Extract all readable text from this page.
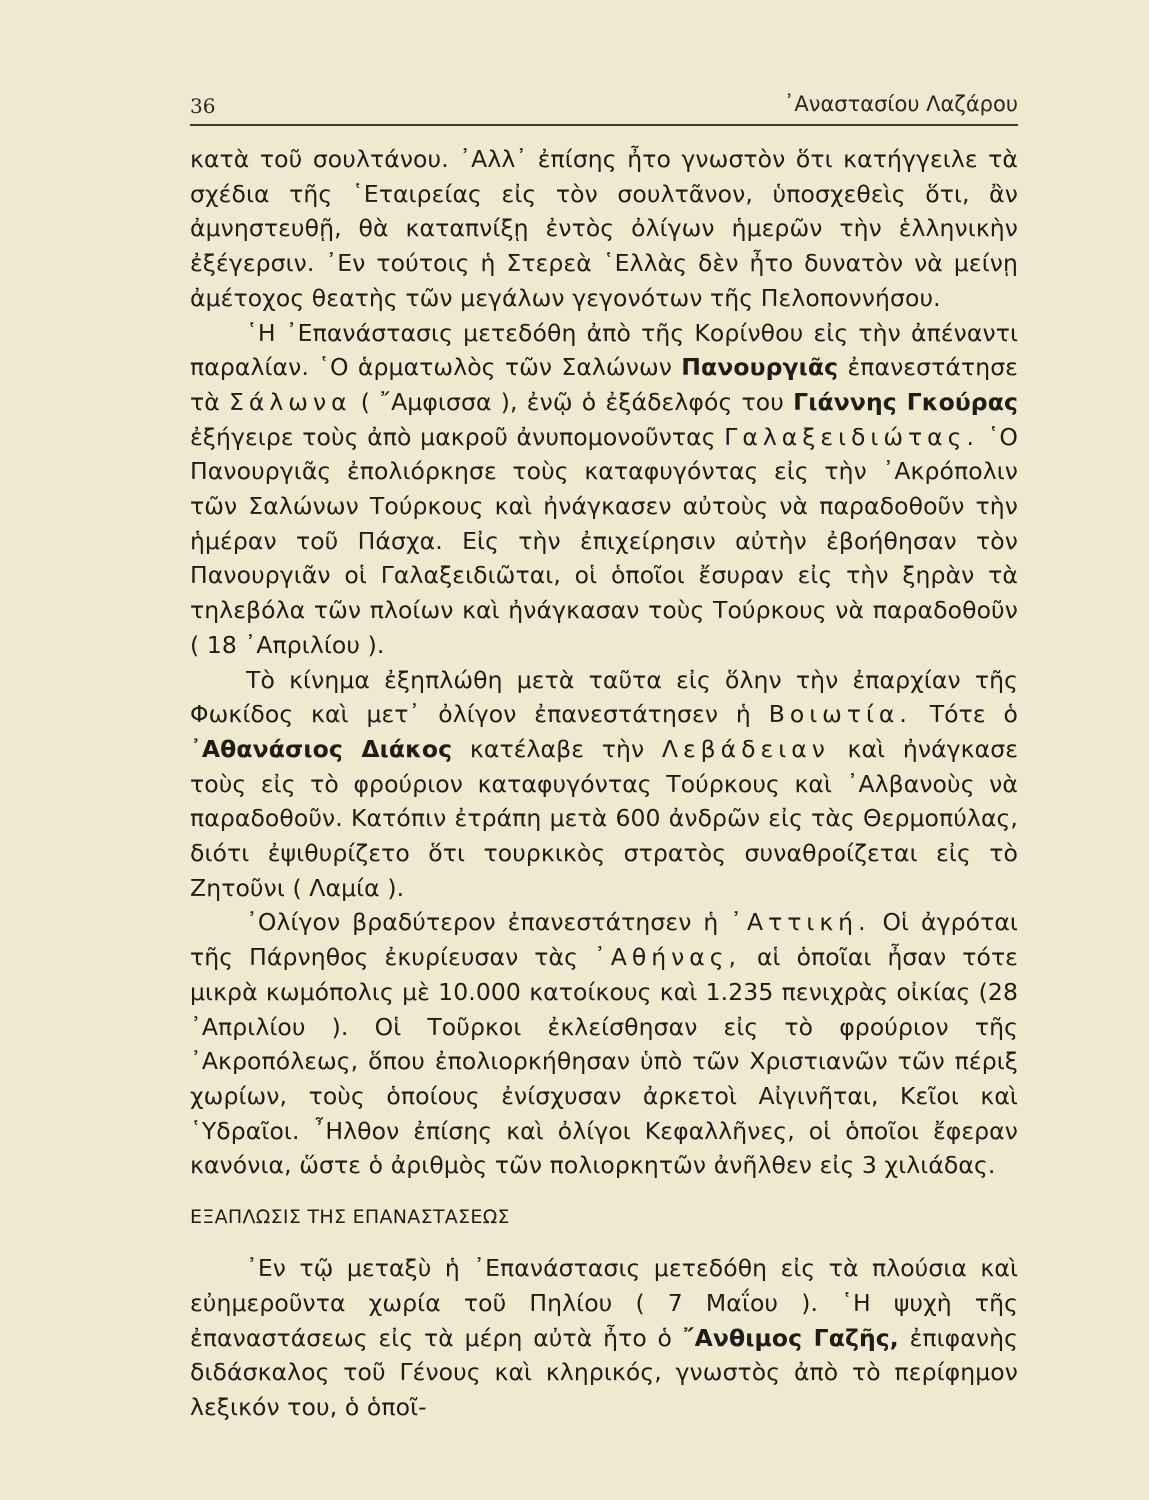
36	᾿Αναστασίου Λαζάρου

κατὰ τοῦ σουλτάνου. ᾿Αλλ᾿ ἐπίσης ἦτο γνωστὸν ὅτι κατήγγειλε τὰ σχέδια τῆς ῾Εταιρείας εἰς τὸν σουλτᾶνον, ὑποσχεθεὶς ὅτι, ἂν ἀμνηστευθῇ, θὰ καταπνίξῃ ἐντὸς ὀλίγων ἡμερῶν τὴν ἑλληνικὴν ἐξέγερσιν. ᾿Εν τούτοις ἡ Στερεὰ ῾Ελλὰς δὲν ἦτο δυνατὸν νὰ μείνῃ ἀμέτοχος θεατὴς τῶν μεγάλων γεγονότων τῆς Πελοποννήσου.

῾Η ᾿Επανάστασις μετεδόθη ἀπὸ τῆς Κορίνθου εἰς τὴν ἀπέναντι παραλίαν. ῾Ο ἁρματωλὸς τῶν Σαλώνων Πανουργιᾶς ἐπανεστάτησε τὰ Σάλωνα ( ῎Αμφισσα ), ἐνῷ ὁ ἐξάδελφός του Γιάννης Γκούρας ἐξήγειρε τοὺς ἀπὸ μακροῦ ἀνυπομονοῦντας Γαλαξειδιώτας. ῾Ο Πανουργιᾶς ἐπολιόρκησε τοὺς καταφυγόντας εἰς τὴν ᾿Ακρόπολιν τῶν Σαλώνων Τούρκους καὶ ἠνάγκασεν αὐτοὺς νὰ παραδοθοῦν τὴν ἡμέραν τοῦ Πάσχα. Εἰς τὴν ἐπιχείρησιν αὐτὴν ἐβοήθησαν τὸν Πανουργιᾶν οἱ Γαλαξειδιῶται, οἱ ὁποῖοι ἔσυραν εἰς τὴν ξηρὰν τὰ τηλεβόλα τῶν πλοίων καὶ ἠνάγκασαν τοὺς Τούρκους νὰ παραδοθοῦν ( 18 ᾿Απριλίου ).

Τὸ κίνημα ἐξηπλώθη μετὰ ταῦτα εἰς ὅλην τὴν ἐπαρχίαν τῆς Φωκίδος καὶ μετ᾿ ὀλίγον ἐπανεστάτησεν ἡ Βοιωτία. Τότε ὁ ᾿Αθανάσιος Διάκος κατέλαβε τὴν Λεβάδειαν καὶ ἠνάγκασε τοὺς εἰς τὸ φρούριον καταφυγόντας Τούρκους καὶ ᾿Αλβανοὺς νὰ παραδοθοῦν. Κατόπιν ἐτράπη μετὰ 600 ἀνδρῶν εἰς τὰς Θερμοπύλας, διότι ἐψιθυρίζετο ὅτι τουρκικὸς στρατὸς συναθροίζεται εἰς τὸ Ζητοῦνι ( Λαμία ).

᾿Ολίγον βραδύτερον ἐπανεστάτησεν ἡ ᾿Αττική. Οἱ ἀγρόται τῆς Πάρνηθος ἐκυρίευσαν τὰς ᾿Αθήνας, αἱ ὁποῖαι ἦσαν τότε μικρὰ κωμόπολις μὲ 10.000 κατοίκους καὶ 1.235 πενιχρὰς οἰκίας (28 ᾿Απριλίου ). Οἱ Τοῦρκοι ἐκλείσθησαν εἰς τὸ φρούριον τῆς ᾿Ακροπόλεως, ὅπου ἐπολιορκήθησαν ὑπὸ τῶν Χριστιανῶν τῶν πέριξ χωρίων, τοὺς ὁποίους ἐνίσχυσαν ἀρκετοὶ Αἰγινῆται, Κεῖοι καὶ ῾Υδραῖοι. ῏Ηλθον ἐπίσης καὶ ὀλίγοι Κεφαλλῆνες, οἱ ὁποῖοι ἔφεραν κανόνια, ὥστε ὁ ἀριθμὸς τῶν πολιορκητῶν ἀνῆλθεν εἰς 3 χιλιάδας.

ΕΞΑΠΛΩΣΙΣ ΤΗΣ ΕΠΑΝΑΣΤΑΣΕΩΣ

᾿Εν τῷ μεταξὺ ἡ ᾿Επανάστασις μετεδόθη εἰς τὰ πλούσια καὶ εὐημεροῦντα χωρία τοῦ Πηλίου ( 7 Μαΐου ). ῾Η ψυχὴ τῆς ἐπαναστάσεως εἰς τὰ μέρη αὐτὰ ἦτο ὁ ῎Ανθιμος Γαζῆς, ἐπιφανὴς διδάσκαλος τοῦ Γένους καὶ κληρικός, γνωστὸς ἀπὸ τὸ περίφημον λεξικόν του, ὁ ὁποῖ-
